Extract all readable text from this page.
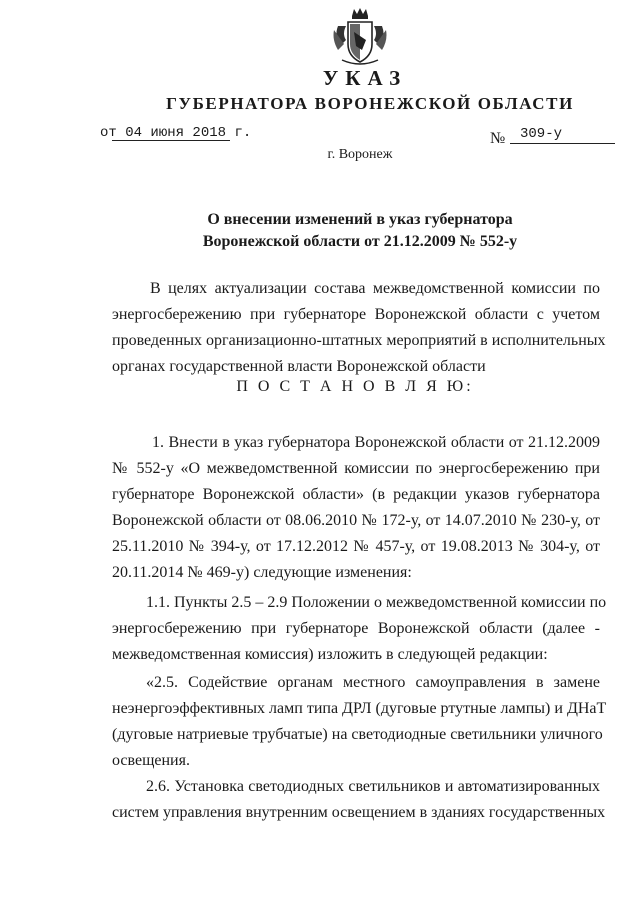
УКАЗ
ГУБЕРНАТОРА ВОРОНЕЖСКОЙ ОБЛАСТИ
от 04 июня 2018 г.	№ 309-у
г. Воронеж
О внесении изменений в указ губернатора
Воронежской области от 21.12.2009 № 552-у
В целях актуализации состава межведомственной комиссии по
энергосбережению при губернаторе Воронежской области с учетом
проведенных организационно-штатных мероприятий в исполнительных
органах государственной власти Воронежской области
П О С Т А Н О В Л Я Ю:
1. Внести в указ губернатора Воронежской области от 21.12.2009
№ 552-у «О межведомственной комиссии по энергосбережению при
губернаторе Воронежской области» (в редакции указов губернатора
Воронежской области от 08.06.2010 № 172-у, от 14.07.2010 № 230-у, от
25.11.2010 № 394-у, от 17.12.2012 № 457-у, от 19.08.2013 № 304-у, от
20.11.2014 № 469-у) следующие изменения:
1.1. Пункты 2.5 – 2.9 Положении о межведомственной комиссии по
энергосбережению при губернаторе Воронежской области (далее -
межведомственная комиссия) изложить в следующей редакции:
«2.5. Содействие органам местного самоуправления в замене
неэнергоэффективных ламп типа ДРЛ (дуговые ртутные лампы) и ДНаТ
(дуговые натриевые трубчатые) на светодиодные светильники уличного
освещения.
2.6. Установка светодиодных светильников и автоматизированных
систем управления внутренним освещением в зданиях государственных
